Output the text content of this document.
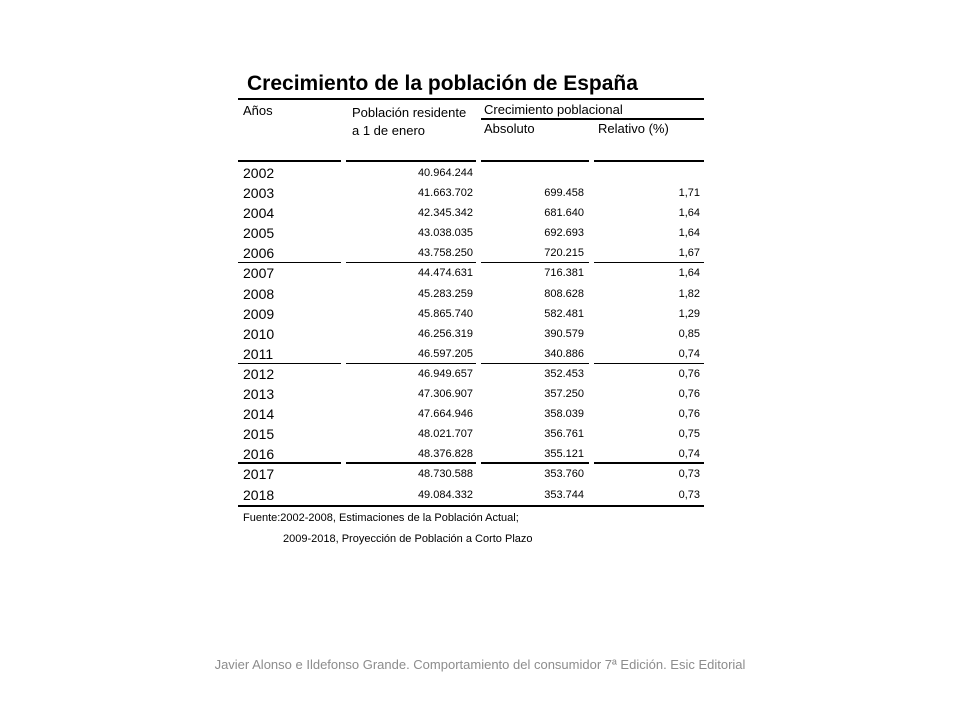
Crecimiento de la población de España
Años	Población residente a 1 de enero
Crecimiento poblacional
Absoluto	Relativo (%)
2002	40.964.244
2003	41.663.702	699.458	1,71
2004	42.345.342	681.640	1,64
2005	43.038.035	692.693	1,64
2006	43.758.250	720.215	1,67
2007	44.474.631	716.381	1,64
2008	45.283.259	808.628	1,82
2009	45.865.740	582.481	1,29
2010	46.256.319	390.579	0,85
2011	46.597.205	340.886	0,74
2012	46.949.657	352.453	0,76
2013	47.306.907	357.250	0,76
2014	47.664.946	358.039	0,76
2015	48.021.707	356.761	0,75
2016	48.376.828	355.121	0,74
2017	48.730.588	353.760	0,73
2018	49.084.332	353.744	0,73
Fuente:2002-2008, Estimaciones de la Población Actual;
2009-2018, Proyección de Población a Corto Plazo
Javier Alonso e Ildefonso Grande. Comportamiento del consumidor 7ª Edición. Esic Editorial
